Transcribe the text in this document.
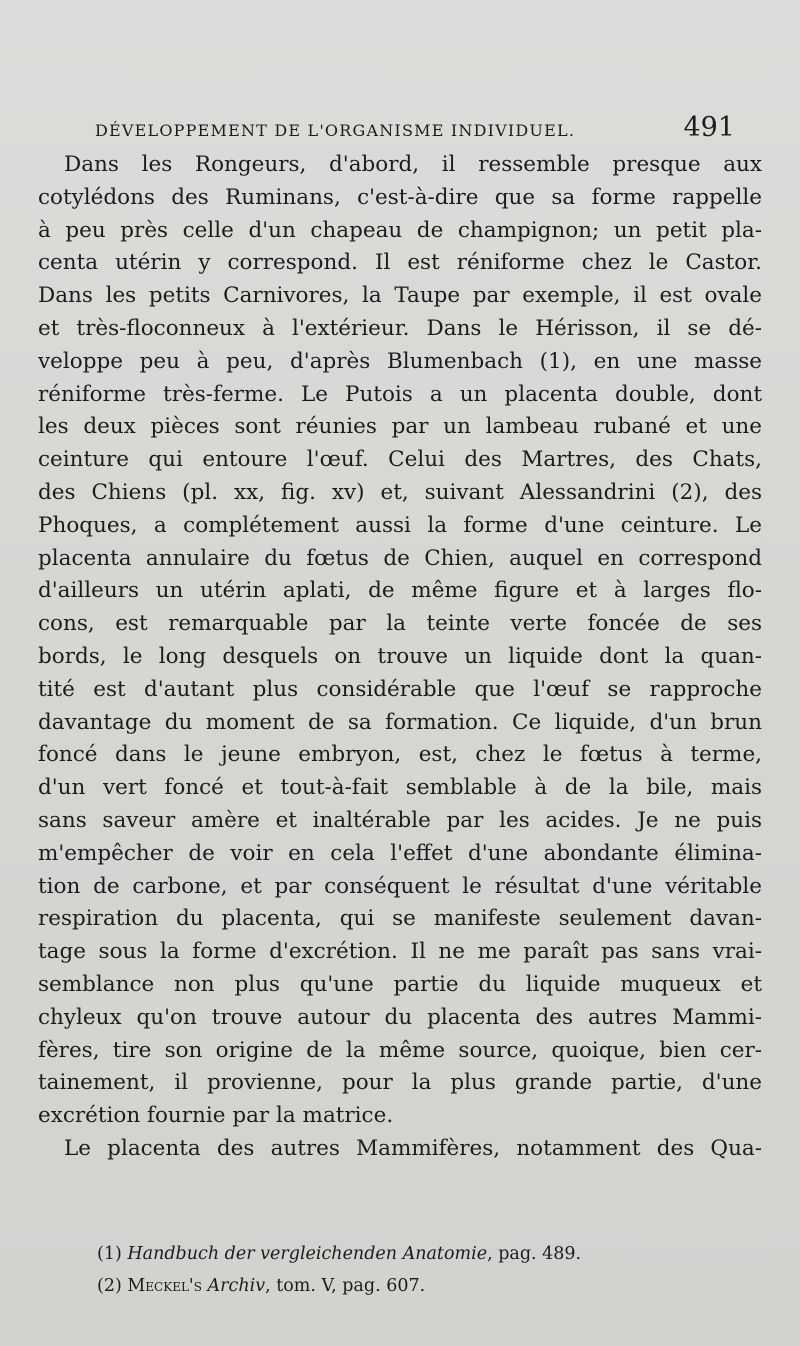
DÉVELOPPEMENT DE L'ORGANISME INDIVIDUEL.	491
Dans les Rongeurs, d'abord, il ressemble presque aux
cotylédons des Ruminans, c'est-à-dire que sa forme rappelle
à peu près celle d'un chapeau de champignon; un petit pla-
centa utérin y correspond. Il est réniforme chez le Castor.
Dans les petits Carnivores, la Taupe par exemple, il est ovale
et très-floconneux à l'extérieur. Dans le Hérisson, il se dé-
veloppe peu à peu, d'après Blumenbach (1), en une masse
réniforme très-ferme. Le Putois a un placenta double, dont
les deux pièces sont réunies par un lambeau rubané et une
ceinture qui entoure l'œuf. Celui des Martres, des Chats,
des Chiens (pl. xx, fig. xv) et, suivant Alessandrini (2), des
Phoques, a complétement aussi la forme d'une ceinture. Le
placenta annulaire du fœtus de Chien, auquel en correspond
d'ailleurs un utérin aplati, de même figure et à larges flo-
cons, est remarquable par la teinte verte foncée de ses
bords, le long desquels on trouve un liquide dont la quan-
tité est d'autant plus considérable que l'œuf se rapproche
davantage du moment de sa formation. Ce liquide, d'un brun
foncé dans le jeune embryon, est, chez le fœtus à terme,
d'un vert foncé et tout-à-fait semblable à de la bile, mais
sans saveur amère et inaltérable par les acides. Je ne puis
m'empêcher de voir en cela l'effet d'une abondante élimina-
tion de carbone, et par conséquent le résultat d'une véritable
respiration du placenta, qui se manifeste seulement davan-
tage sous la forme d'excrétion. Il ne me paraît pas sans vrai-
semblance non plus qu'une partie du liquide muqueux et
chyleux qu'on trouve autour du placenta des autres Mammi-
fères, tire son origine de la même source, quoique, bien cer-
tainement, il provienne, pour la plus grande partie, d'une
excrétion fournie par la matrice.
Le placenta des autres Mammifères, notamment des Qua-
(1) Handbuch der vergleichenden Anatomie, pag. 489.
(2) Meckel's Archiv, tom. V, pag. 607.
